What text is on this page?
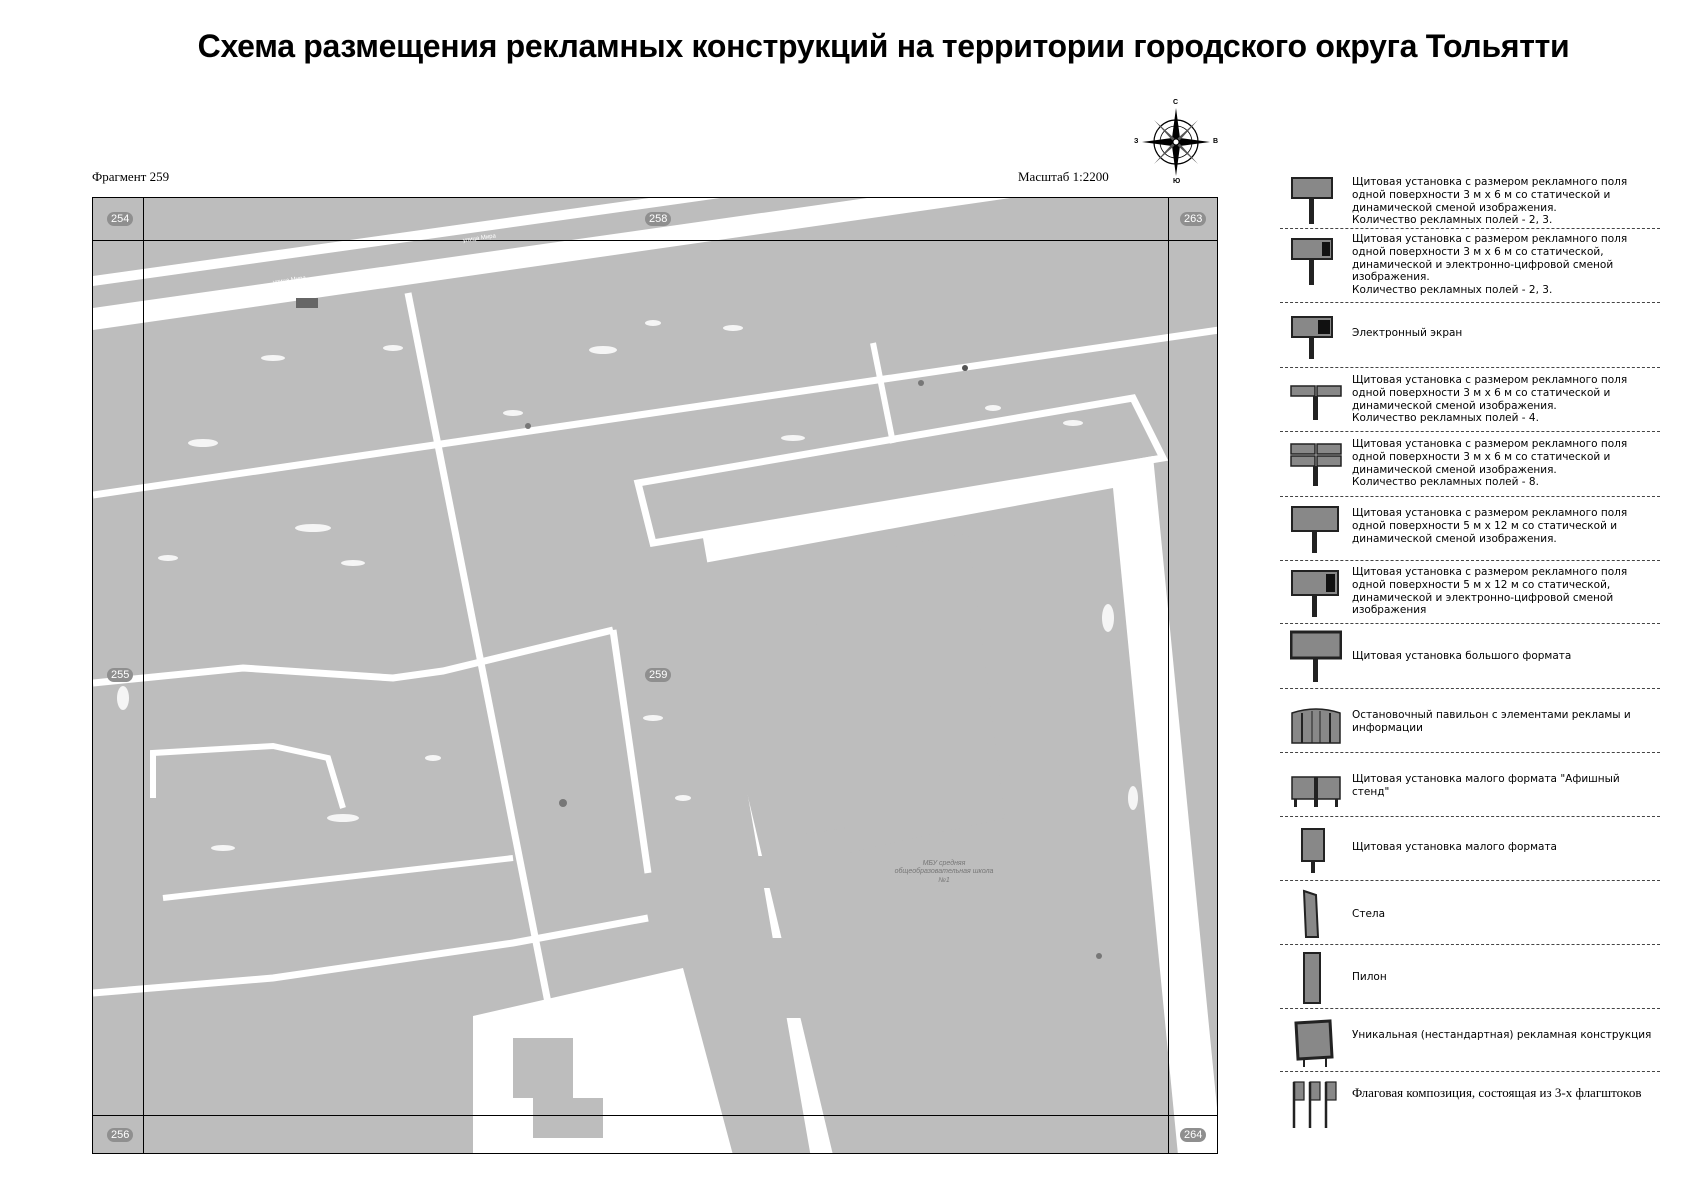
Схема размещения рекламных конструкций на территории городского округа Тольятти
Фрагмент 259	Масштаб 1:2200
С
Ю
З	В
254	258	263
255	259
256	260	264
улица Мира
улица Мира
улица Мира
МБУ средняя общеобразовательная школа №1
Щитовая установка с размером рекламного поля одной поверхности 3 м х 6 м со статической и динамической сменой изображения.
Количество рекламных полей - 2, 3.
Щитовая установка с размером рекламного поля одной поверхности 3 м х 6 м со статической, динамической и электронно-цифровой сменой изображения.
Количество рекламных полей - 2, 3.
Электронный экран
Щитовая установка с размером рекламного поля одной поверхности 3 м х 6 м со статической и динамической сменой изображения.
Количество рекламных полей - 4.
Щитовая установка с размером рекламного поля одной поверхности 3 м х 6 м со статической и динамической сменой изображения.
Количество рекламных полей - 8.
Щитовая установка с размером рекламного поля одной поверхности 5 м х 12 м со статической и динамической сменой изображения.
Щитовая установка с размером рекламного поля одной поверхности 5 м х 12 м со статической, динамической и электронно-цифровой сменой изображения
Щитовая установка большого формата
Остановочный павильон с элементами рекламы и информации
Щитовая установка малого формата "Афишный стенд"
Щитовая установка малого формата
Стела
Пилон
Уникальная (нестандартная) рекламная конструкция
Флаговая композиция, состоящая из 3-х флагштоков
